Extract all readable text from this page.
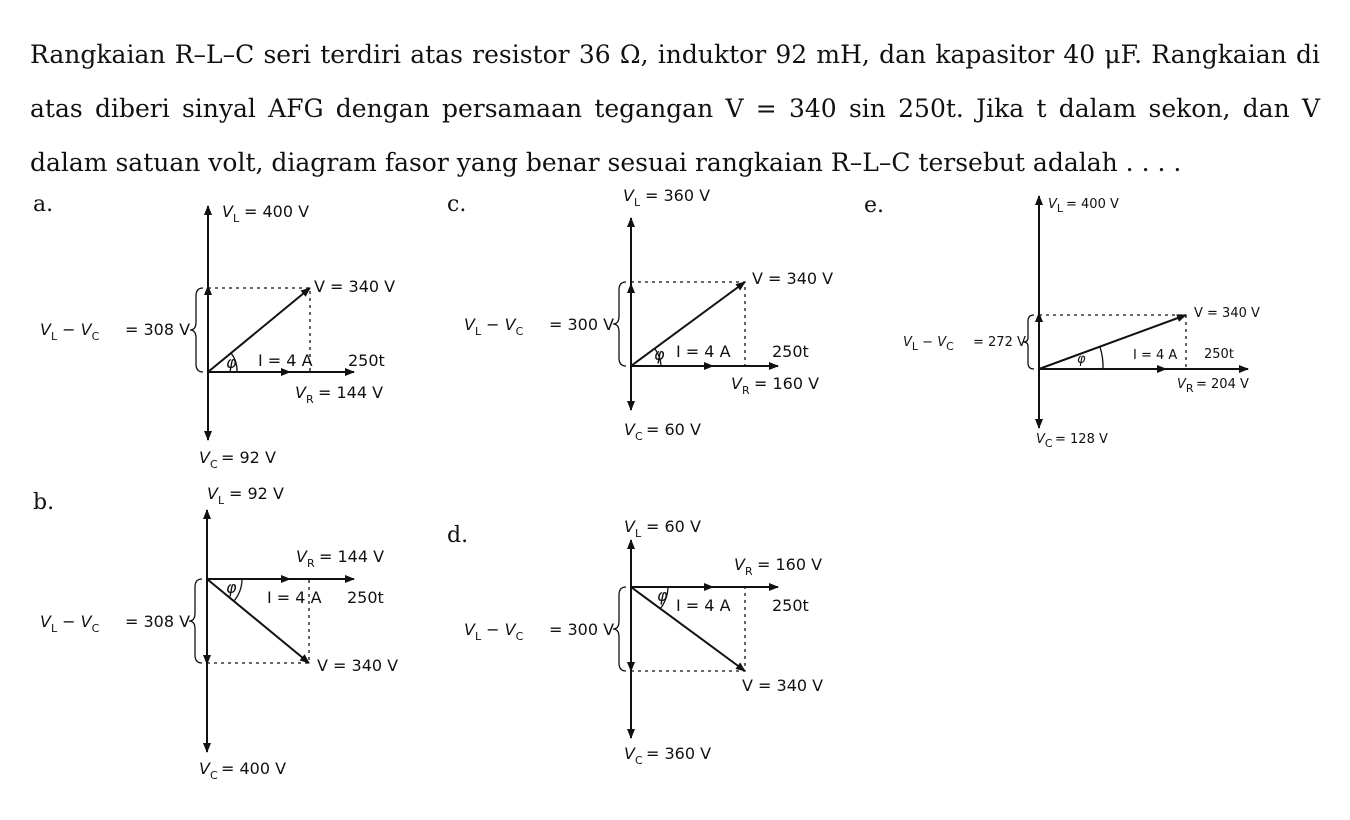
Rangkaian R–L–C seri terdiri atas resistor 36 Ω, induktor 92 mH, dan kapasitor 40 μF. Rangkaian di atas diberi sinyal AFG dengan persamaan tegangan V = 340 sin 250t. Jika t dalam sekon, dan V dalam satuan volt, diagram fasor yang benar sesuai rangkaian R–L–C tersebut adalah . . . .

a.
b.
c.
d.
e.
$V_L = 400$ V
$V_L - V_C = 308$ V
V = 340 V
φ I = 4 A 250t
$V_R = 144$ V
$V_C = 92$ V
$V_L = 92$ V
$V_R = 144$ V
φ
I = 4 A 250t
$V_L - V_C = 308$ V
V = 340 V
$V_C = 400$ V
$V_L = 360$ V
V = 340 V
$V_L - V_C = 300$ V
φ I = 4 A	250t
$V_R = 160$ V
$V_C = 60$ V
$V_L = 60$ V
$V_R = 160$ V
φ
I = 4 A	250t
$V_L - V_C = 300$ V
V = 340 V
$V_C = 360$ V
$V_L = 400$ V
V = 340 V
$V_L - V_C = 272$ V
φ	I = 4 A 250t
$V_R = 204$ V
$V_C = 128$ V
